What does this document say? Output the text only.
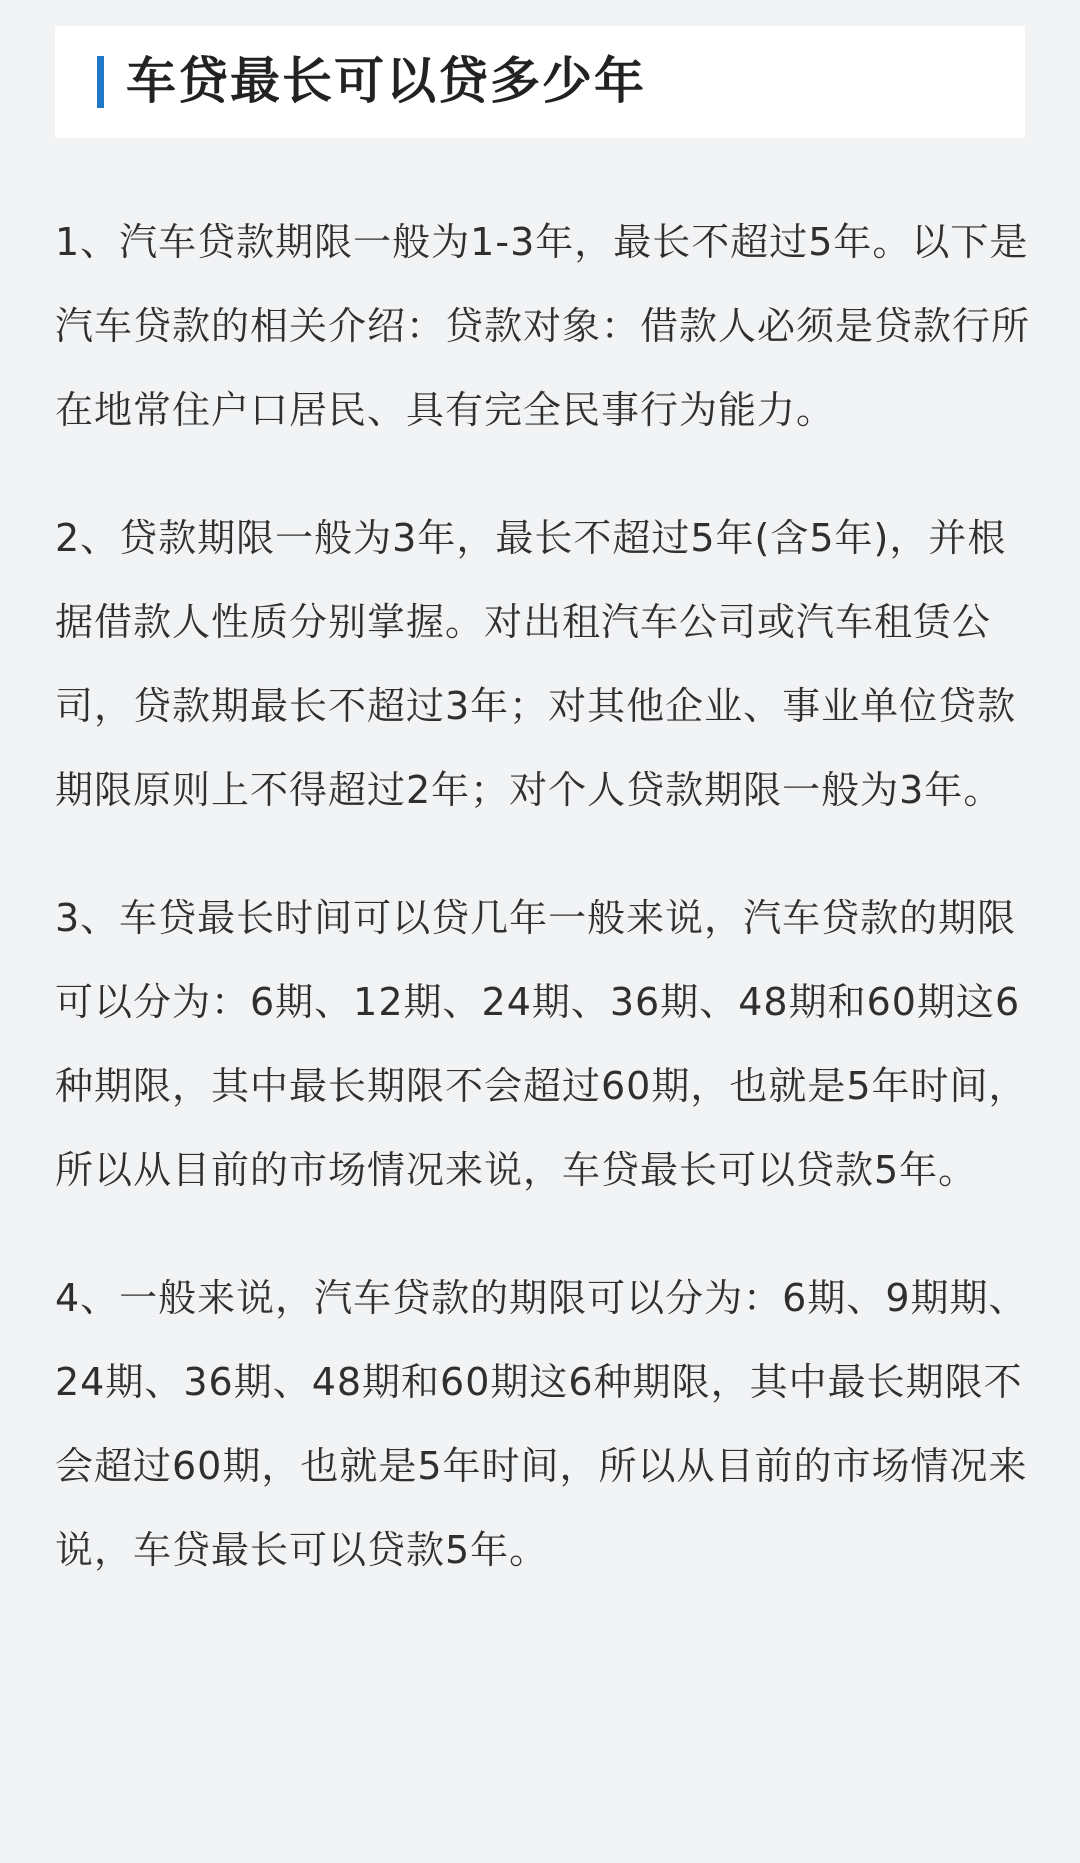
车贷最长可以贷多少年

1、汽车贷款期限一般为1-3年，最长不超过5年。以下是汽车贷款的相关介绍：贷款对象：借款人必须是贷款行所在地常住户口居民、具有完全民事行为能力。

2、贷款期限一般为3年，最长不超过5年(含5年)，并根据借款人性质分别掌握。对出租汽车公司或汽车租赁公司，贷款期最长不超过3年；对其他企业、事业单位贷款期限原则上不得超过2年；对个人贷款期限一般为3年。

3、车贷最长时间可以贷几年一般来说，汽车贷款的期限可以分为：6期、12期、24期、36期、48期和60期这6种期限，其中最长期限不会超过60期，也就是5年时间，所以从目前的市场情况来说，车贷最长可以贷款5年。

4、一般来说，汽车贷款的期限可以分为：6期、9期期、24期、36期、48期和60期这6种期限，其中最长期限不会超过60期，也就是5年时间，所以从目前的市场情况来说，车贷最长可以贷款5年。
